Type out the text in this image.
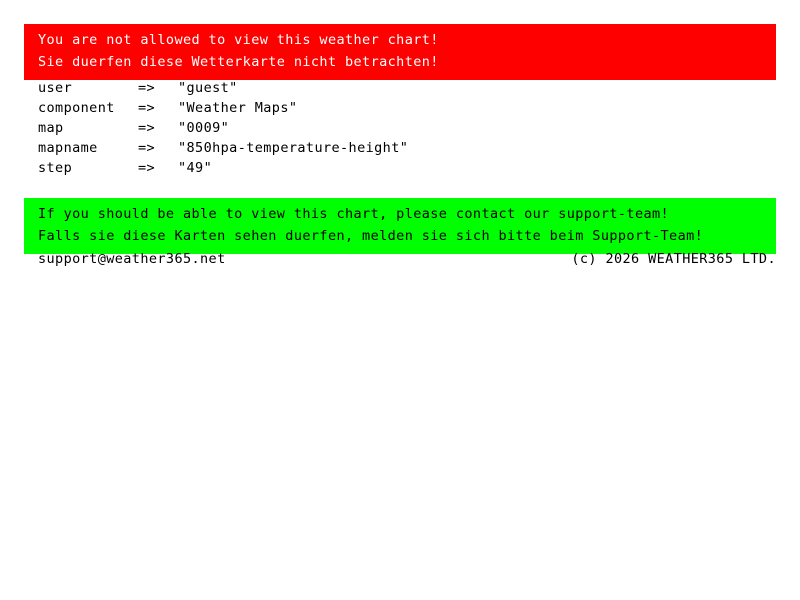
You are not allowed to view this weather chart!
Sie duerfen diese Wetterkarte nicht betrachten!
user	=>	"guest"
component	=>	"Weather Maps"
map	=>	"0009"
mapname	=>	"850hpa-temperature-height"
step	=>	"49"
If you should be able to view this chart, please contact our support-team!
Falls sie diese Karten sehen duerfen, melden sie sich bitte beim Support-Team!
support@weather365.net	(c) 2026 WEATHER365 LTD.
